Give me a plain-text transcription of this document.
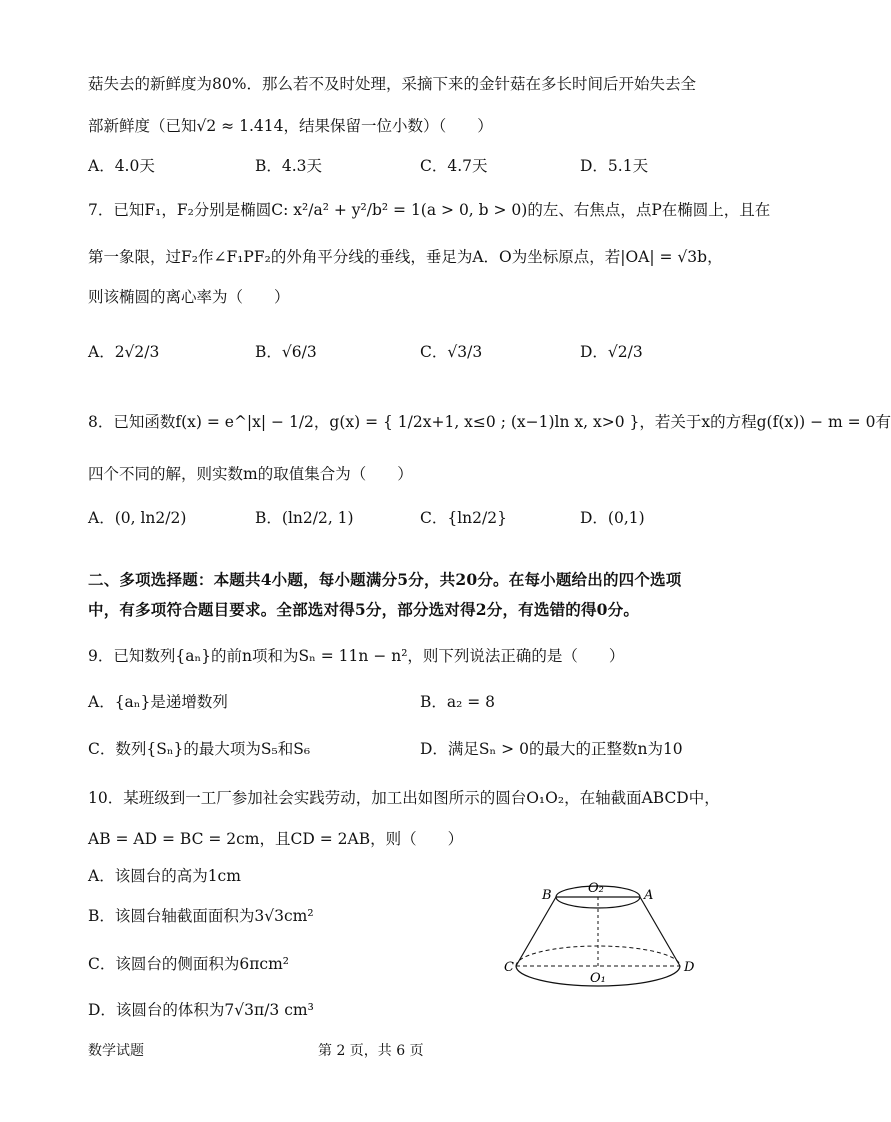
菇失去的新鲜度为80%．那么若不及时处理，采摘下来的金针菇在多长时间后开始失去全
部新鲜度（已知√2 ≈ 1.414，结果保留一位小数）（　　）
A．4.0天	B．4.3天	C．4.7天	D．5.1天
7．已知F₁，F₂分别是椭圆C: x²/a² + y²/b² = 1(a > 0, b > 0)的左、右焦点，点P在椭圆上，且在
第一象限，过F₂作∠F₁PF₂的外角平分线的垂线，垂足为A．O为坐标原点，若|OA| = √3b，
则该椭圆的离心率为（　　）
A．2√2/3	B．√6/3	C．√3/3	D．√2/3
8．已知函数f(x) = e^|x| − 1/2，g(x) = { 1/2x+1, x≤0 ; (x−1)ln x, x>0 }，若关于x的方程g(f(x)) − m = 0有
四个不同的解，则实数m的取值集合为（　　）
A．(0, ln2/2)	B．(ln2/2, 1)	C．{ln2/2}	D．(0,1)
二、多项选择题：本题共4小题，每小题满分5分，共20分。在每小题给出的四个选项
中，有多项符合题目要求。全部选对得5分，部分选对得2分，有选错的得0分。
9．已知数列{aₙ}的前n项和为Sₙ = 11n − n²，则下列说法正确的是（　　）
A．{aₙ}是递增数列	B．a₂ = 8
C．数列{Sₙ}的最大项为S₅和S₆	D．满足Sₙ > 0的最大的正整数n为10
10．某班级到一工厂参加社会实践劳动，加工出如图所示的圆台O₁O₂，在轴截面ABCD中，
AB = AD = BC = 2cm，且CD = 2AB，则（　　）
A．该圆台的高为1cm
B．该圆台轴截面面积为3√3cm²
C．该圆台的侧面积为6πcm²
D．该圆台的体积为7√3π/3 cm³
B	O₂	A
C
O₁
D
数学试题	第 2 页，共 6 页
